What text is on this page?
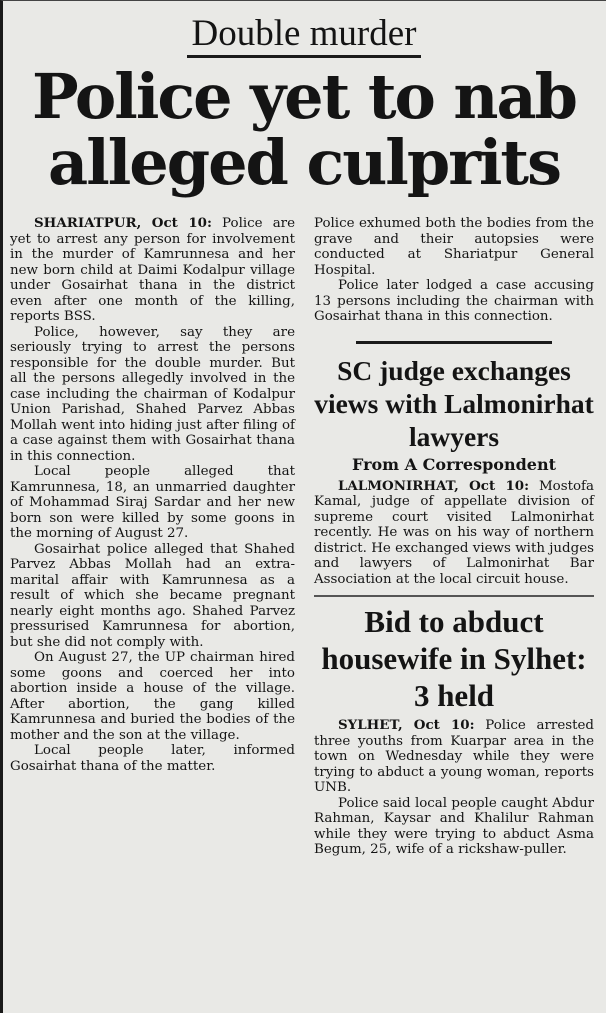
Double murder
Police yet to nab
alleged culprits

SHARIATPUR, Oct 10: Police are yet to arrest any person for involvement in the murder of Kamrunnesa and her new born child at Daimi Kodalpur village under Gosairhat thana in the district even after one month of the killing, reports BSS.

Police, however, say they are seriously trying to arrest the persons responsible for the double murder. But all the persons allegedly involved in the case including the chairman of Kodalpur Union Parishad, Shahed Parvez Abbas Mollah went into hiding just after filing of a case against them with Gosairhat thana in this connection.

Local people alleged that Kamrunnesa, 18, an unmarried daughter of Mohammad Siraj Sardar and her new born son were killed by some goons in the morning of August 27.

Gosairhat police alleged that Shahed Parvez Abbas Mollah had an extra-marital affair with Kamrunnesa as a result of which she became pregnant nearly eight months ago. Shahed Parvez pressurised Kamrunnesa for abortion, but she did not comply with.

On August 27, the UP chairman hired some goons and coerced her into abortion inside a house of the village. After abortion, the gang killed Kamrunnesa and buried the bodies of the mother and the son at the village.

Local people later, informed Gosairhat thana of the matter.

Police exhumed both the bodies from the grave and their autopsies were conducted at Shariatpur General Hospital.

Police later lodged a case accusing 13 persons including the chairman with Gosairhat thana in this connection.

SC judge exchanges views with Lalmonirhat lawyers
From A Correspondent

LALMONIRHAT, Oct 10: Mostofa Kamal, judge of appellate division of supreme court visited Lalmonirhat recently. He was on his way of northern district. He exchanged views with judges and lawyers of Lalmonirhat Bar Association at the local circuit house.

Bid to abduct housewife in Sylhet: 3 held

SYLHET, Oct 10: Police arrested three youths from Kuarpar area in the town on Wednesday while they were trying to abduct a young woman, reports UNB.

Police said local people caught Abdur Rahman, Kaysar and Khalilur Rahman while they were trying to abduct Asma Begum, 25, wife of a rickshaw-puller.
